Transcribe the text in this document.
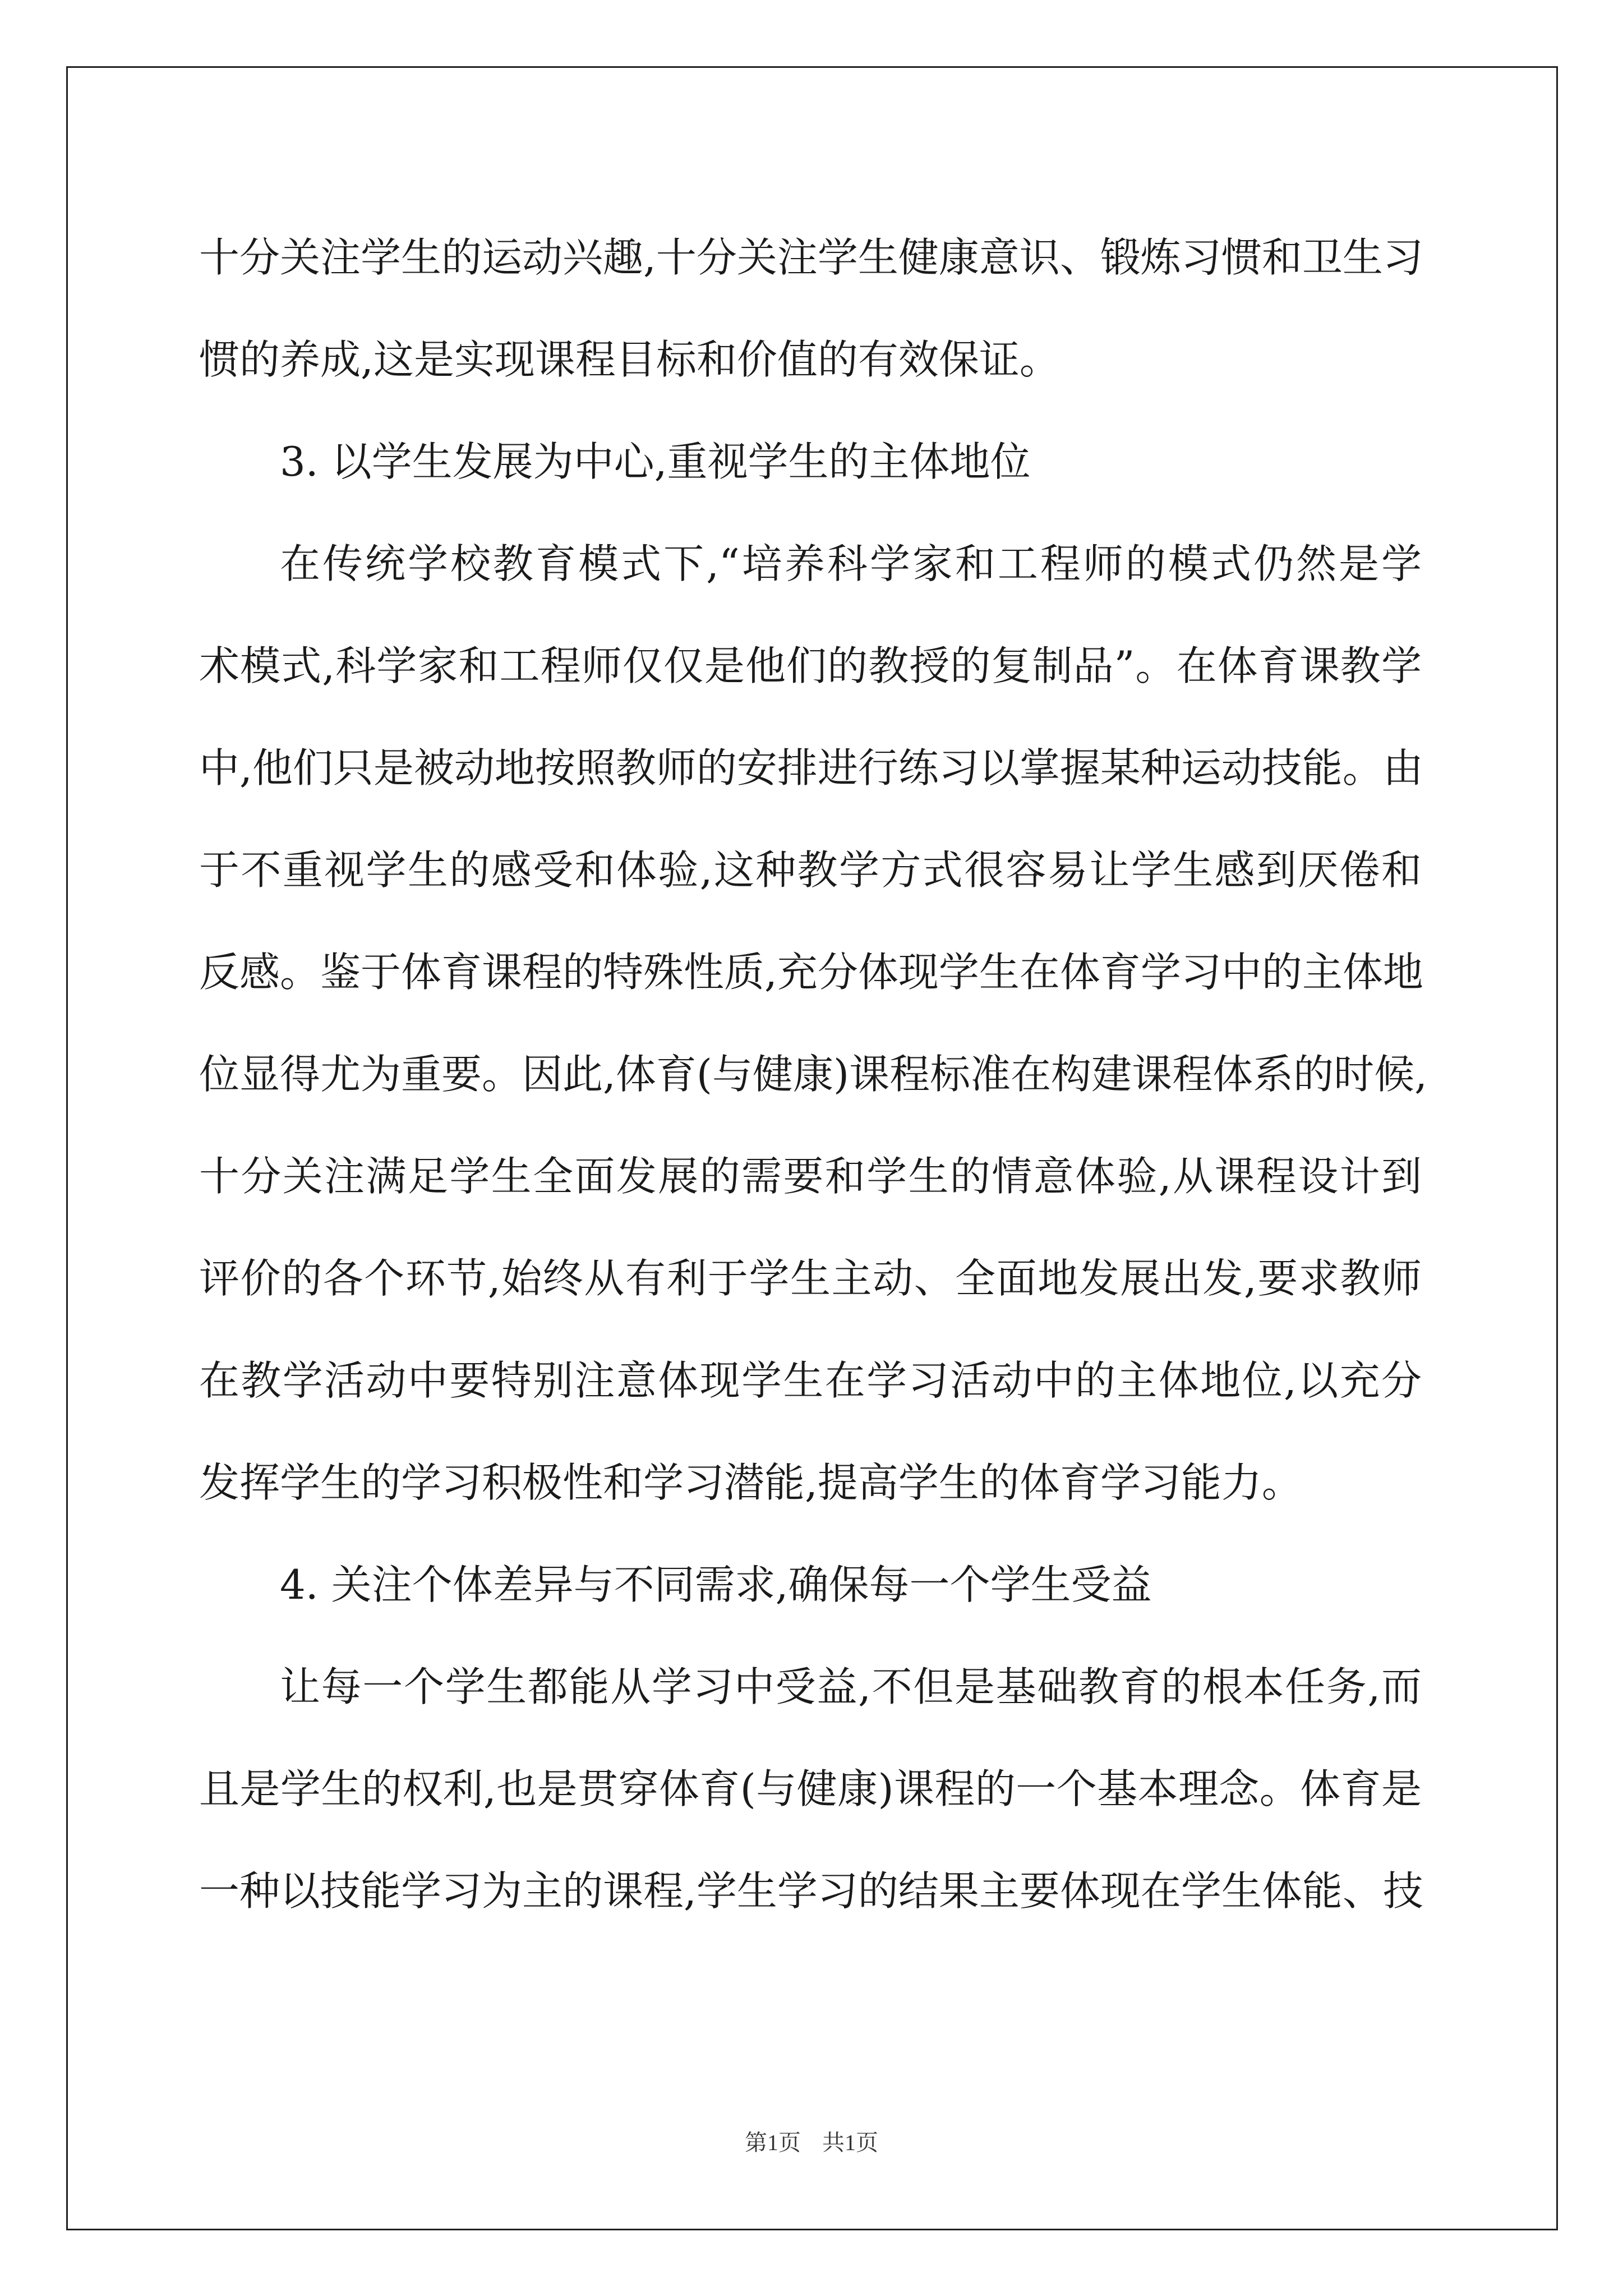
十分关注学生的运动兴趣,十分关注学生健康意识、锻炼习惯和卫生习
惯的养成,这是实现课程目标和价值的有效保证。
3. 以学生发展为中心,重视学生的主体地位
在传统学校教育模式下,“培养科学家和工程师的模式仍然是学
术模式,科学家和工程师仅仅是他们的教授的复制品”。在体育课教学
中,他们只是被动地按照教师的安排进行练习以掌握某种运动技能。由
于不重视学生的感受和体验,这种教学方式很容易让学生感到厌倦和
反感。鉴于体育课程的特殊性质,充分体现学生在体育学习中的主体地
位显得尤为重要。因此,体育(与健康)课程标准在构建课程体系的时候,
十分关注满足学生全面发展的需要和学生的情意体验,从课程设计到
评价的各个环节,始终从有利于学生主动、全面地发展出发,要求教师
在教学活动中要特别注意体现学生在学习活动中的主体地位,以充分
发挥学生的学习积极性和学习潜能,提高学生的体育学习能力。
4. 关注个体差异与不同需求,确保每一个学生受益
让每一个学生都能从学习中受益,不但是基础教育的根本任务,而
且是学生的权利,也是贯穿体育(与健康)课程的一个基本理念。体育是
一种以技能学习为主的课程,学生学习的结果主要体现在学生体能、技
第1页 共1页
